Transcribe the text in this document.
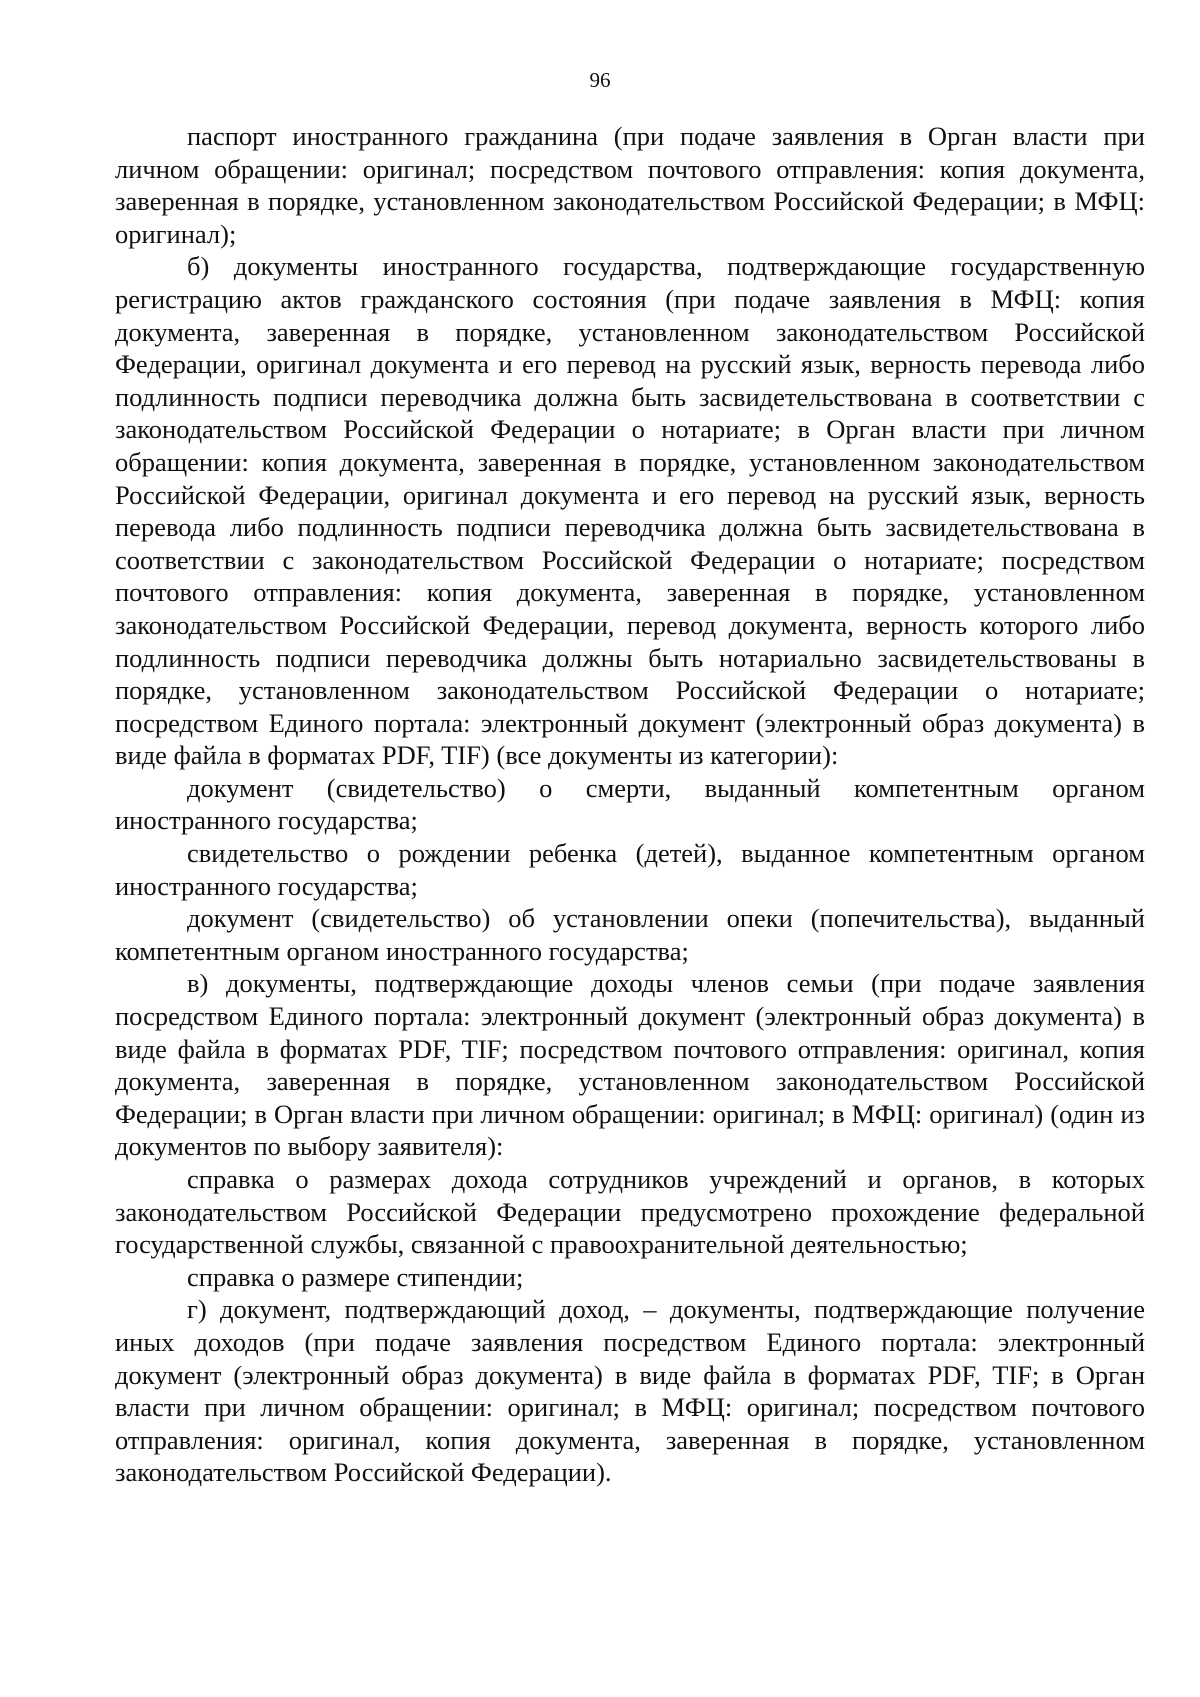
96

паспорт иностранного гражданина (при подаче заявления в Орган власти при личном обращении: оригинал; посредством почтового отправления: копия документа, заверенная в порядке, установленном законодательством Российской Федерации; в МФЦ: оригинал);

б) документы иностранного государства, подтверждающие государственную регистрацию актов гражданского состояния (при подаче заявления в МФЦ: копия документа, заверенная в порядке, установленном законодательством Российской Федерации, оригинал документа и его перевод на русский язык, верность перевода либо подлинность подписи переводчика должна быть засвидетельствована в соответствии с законодательством Российской Федерации о нотариате; в Орган власти при личном обращении: копия документа, заверенная в порядке, установленном законодательством Российской Федерации, оригинал документа и его перевод на русский язык, верность перевода либо подлинность подписи переводчика должна быть засвидетельствована в соответствии с законодательством Российской Федерации о нотариате; посредством почтового отправления: копия документа, заверенная в порядке, установленном законодательством Российской Федерации, перевод документа, верность которого либо подлинность подписи переводчика должны быть нотариально засвидетельствованы в порядке, установленном законодательством Российской Федерации о нотариате; посредством Единого портала: электронный документ (электронный образ документа) в виде файла в форматах PDF, TIF) (все документы из категории):

документ (свидетельство) о смерти, выданный компетентным органом иностранного государства;

свидетельство о рождении ребенка (детей), выданное компетентным органом иностранного государства;

документ (свидетельство) об установлении опеки (попечительства), выданный компетентным органом иностранного государства;

в) документы, подтверждающие доходы членов семьи (при подаче заявления посредством Единого портала: электронный документ (электронный образ документа) в виде файла в форматах PDF, TIF; посредством почтового отправления: оригинал, копия документа, заверенная в порядке, установленном законодательством Российской Федерации; в Орган власти при личном обращении: оригинал; в МФЦ: оригинал) (один из документов по выбору заявителя):

справка о размерах дохода сотрудников учреждений и органов, в которых законодательством Российской Федерации предусмотрено прохождение федеральной государственной службы, связанной с правоохранительной деятельностью;

справка о размере стипендии;

г) документ, подтверждающий доход, – документы, подтверждающие получение иных доходов (при подаче заявления посредством Единого портала: электронный документ (электронный образ документа) в виде файла в форматах PDF, TIF; в Орган власти при личном обращении: оригинал; в МФЦ: оригинал; посредством почтового отправления: оригинал, копия документа, заверенная в порядке, установленном законодательством Российской Федерации).
